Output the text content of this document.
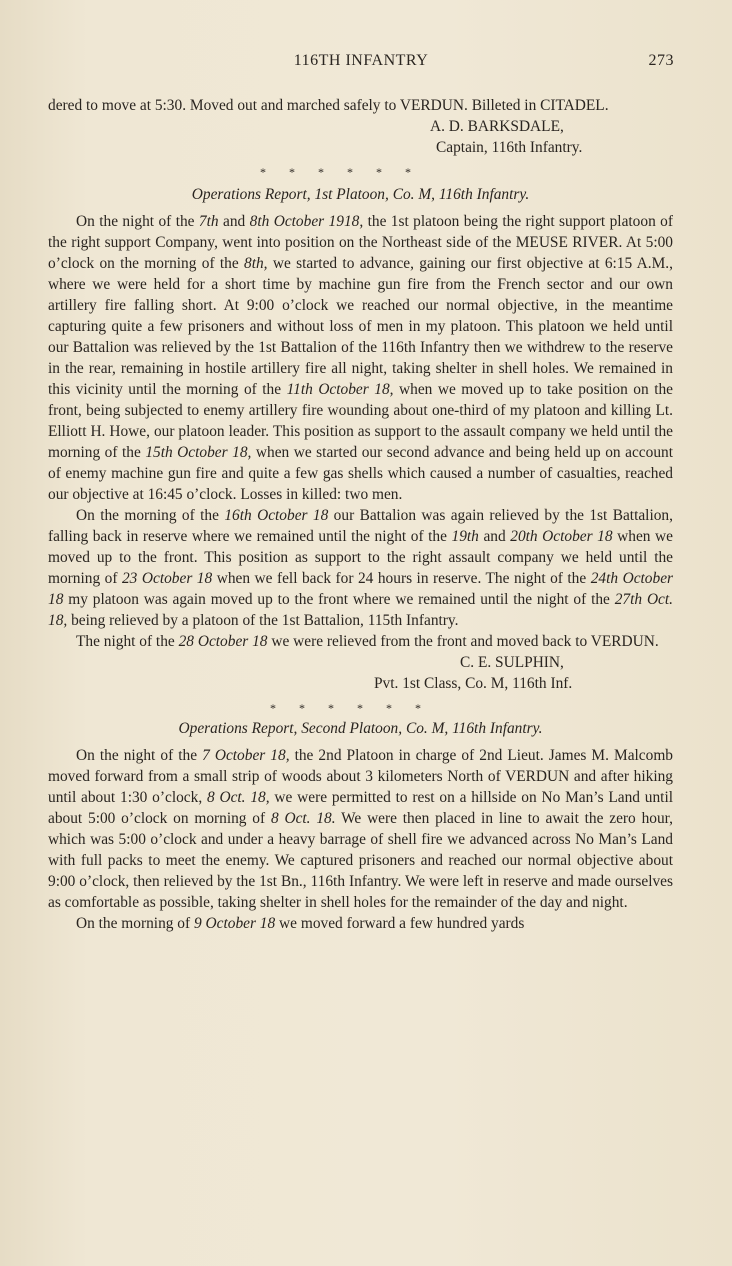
116TH INFANTRY	273

dered to move at 5:30. Moved out and marched safely to VERDUN. Billeted in CITADEL.

A. D. BARKSDALE,
Captain, 116th Infantry.
* * * * * *
Operations Report, 1st Platoon, Co. M, 116th Infantry.

On the night of the 7th and 8th October 1918, the 1st platoon being the right support platoon of the right support Company, went into position on the Northeast side of the MEUSE RIVER. At 5:00 o’clock on the morning of the 8th, we started to advance, gaining our first objective at 6:15 A.M., where we were held for a short time by machine gun fire from the French sector and our own artillery fire falling short. At 9:00 o’clock we reached our normal objective, in the meantime capturing quite a few prisoners and without loss of men in my platoon. This platoon we held until our Battalion was relieved by the 1st Battalion of the 116th Infantry then we withdrew to the reserve in the rear, remaining in hostile artillery fire all night, taking shelter in shell holes. We remained in this vicinity until the morning of the 11th October 18, when we moved up to take position on the front, being subjected to enemy artillery fire wounding about one-third of my platoon and killing Lt. Elliott H. Howe, our platoon leader. This position as support to the assault company we held until the morning of the 15th October 18, when we started our second advance and being held up on account of enemy machine gun fire and quite a few gas shells which caused a number of casualties, reached our objective at 16:45 o’clock. Losses in killed: two men.

On the morning of the 16th October 18 our Battalion was again relieved by the 1st Battalion, falling back in reserve where we remained until the night of the 19th and 20th October 18 when we moved up to the front. This position as support to the right assault company we held until the morning of 23 October 18 when we fell back for 24 hours in reserve. The night of the 24th October 18 my platoon was again moved up to the front where we remained until the night of the 27th Oct. 18, being relieved by a platoon of the 1st Battalion, 115th Infantry.

The night of the 28 October 18 we were relieved from the front and moved back to VERDUN.

C. E. SULPHIN,
Pvt. 1st Class, Co. M, 116th Inf.
* * * * * *
Operations Report, Second Platoon, Co. M, 116th Infantry.

On the night of the 7 October 18, the 2nd Platoon in charge of 2nd Lieut. James M. Malcomb moved forward from a small strip of woods about 3 kilometers North of VERDUN and after hiking until about 1:30 o’clock, 8 Oct. 18, we were permitted to rest on a hillside on No Man’s Land until about 5:00 o’clock on morning of 8 Oct. 18. We were then placed in line to await the zero hour, which was 5:00 o’clock and under a heavy barrage of shell fire we advanced across No Man’s Land with full packs to meet the enemy. We captured prisoners and reached our normal objective about 9:00 o’clock, then relieved by the 1st Bn., 116th Infantry. We were left in reserve and made ourselves as comfortable as possible, taking shelter in shell holes for the remainder of the day and night.

On the morning of 9 October 18 we moved forward a few hundred yards
